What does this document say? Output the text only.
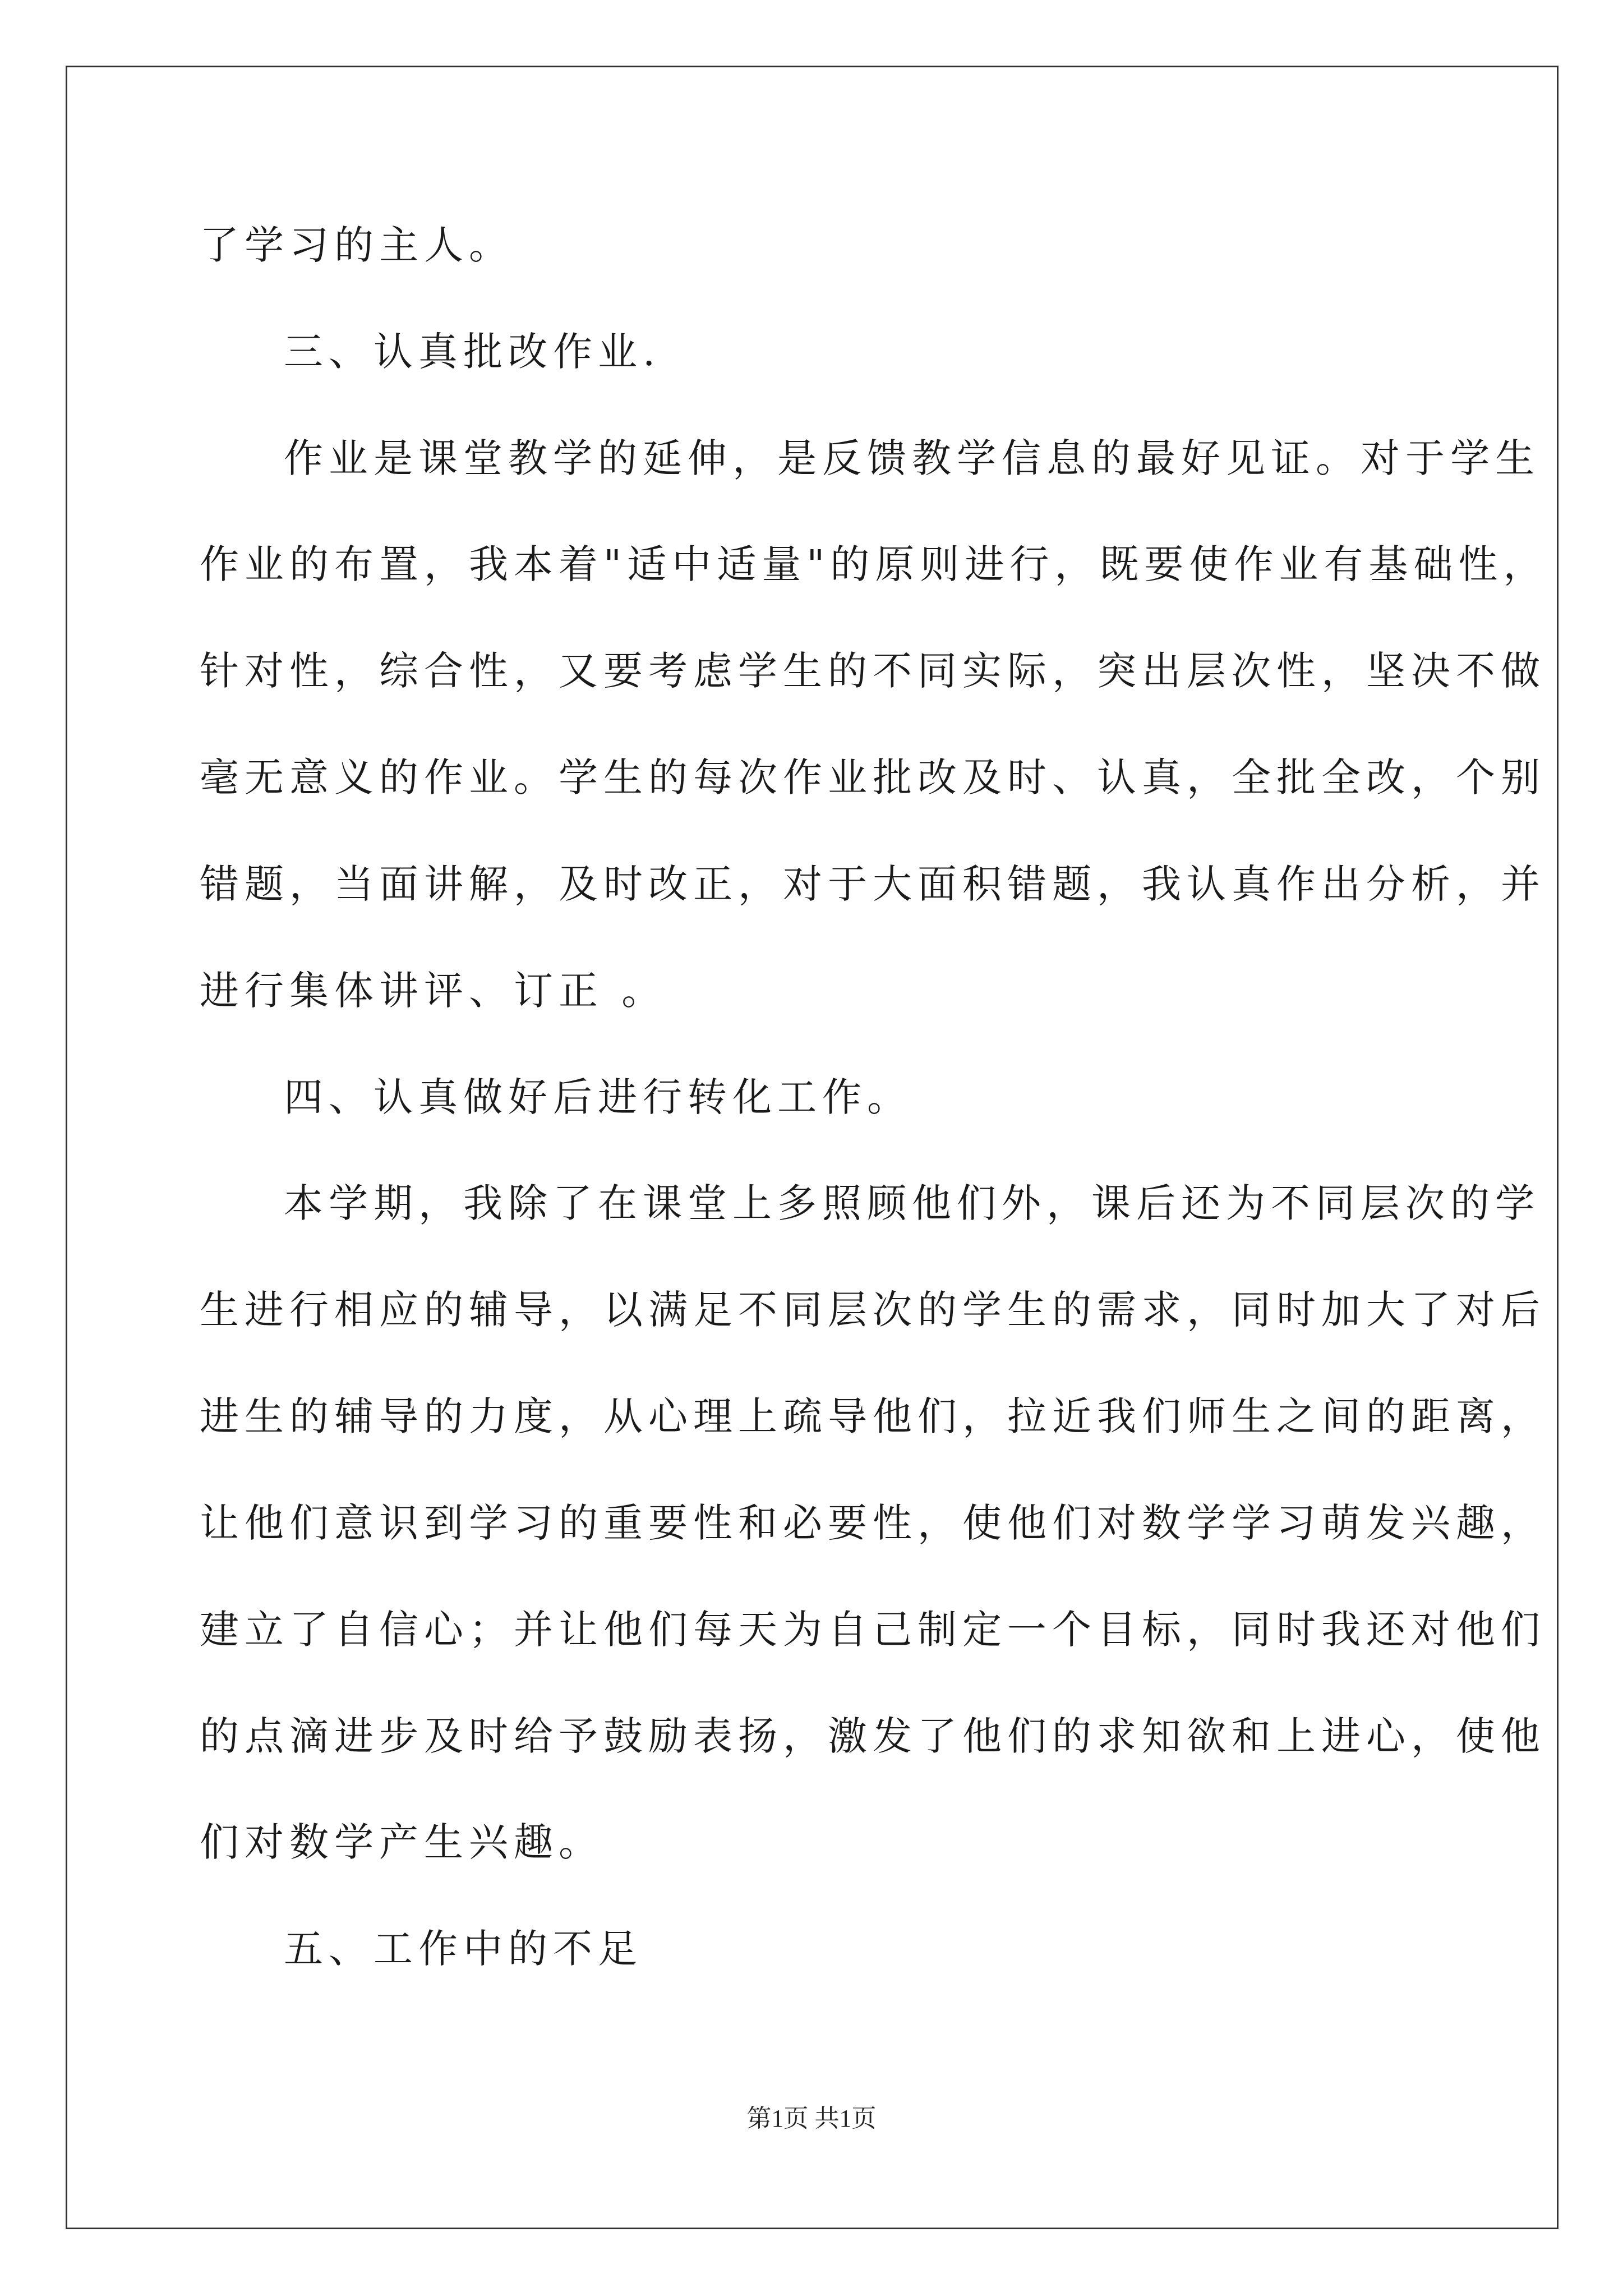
了学习的主人。
三、认真批改作业.
作业是课堂教学的延伸，是反馈教学信息的最好见证。对于学生
作业的布置，我本着"适中适量"的原则进行，既要使作业有基础性，
针对性，综合性，又要考虑学生的不同实际，突出层次性，坚决不做
毫无意义的作业。学生的每次作业批改及时、认真，全批全改，个别
错题，当面讲解，及时改正，对于大面积错题，我认真作出分析，并
进行集体讲评、订正 。
四、认真做好后进行转化工作。
本学期，我除了在课堂上多照顾他们外，课后还为不同层次的学
生进行相应的辅导，以满足不同层次的学生的需求，同时加大了对后
进生的辅导的力度，从心理上疏导他们，拉近我们师生之间的距离，
让他们意识到学习的重要性和必要性，使他们对数学学习萌发兴趣，
建立了自信心；并让他们每天为自己制定一个目标，同时我还对他们
的点滴进步及时给予鼓励表扬，激发了他们的求知欲和上进心，使他
们对数学产生兴趣。
五、工作中的不足
第1页 共1页
